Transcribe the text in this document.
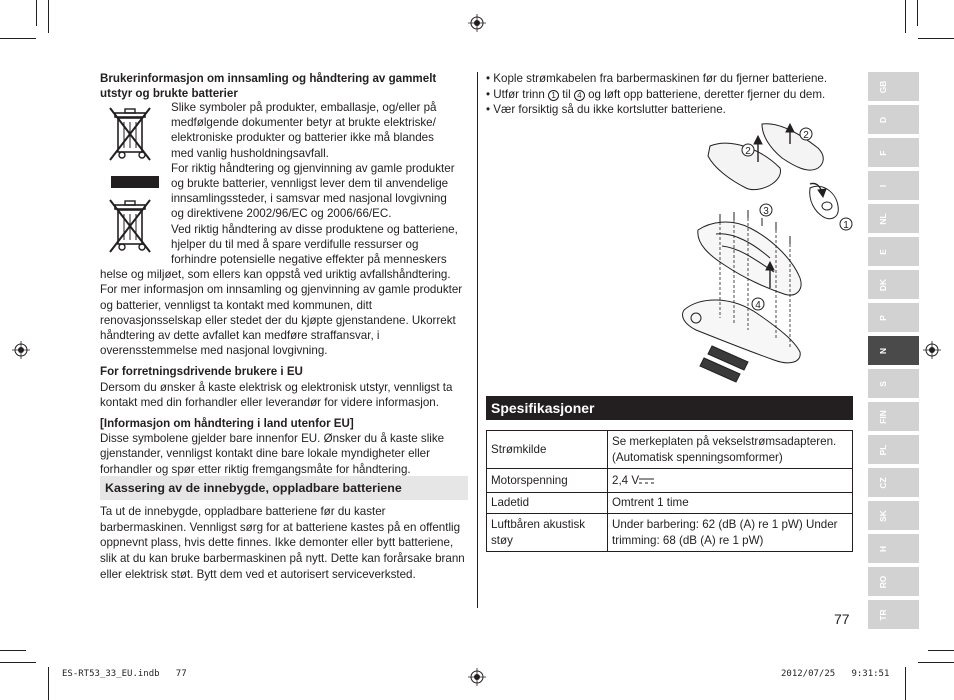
Brukerinformasjon om innsamling og håndtering av gammelt utstyr og brukte batterier
Slike symboler på produkter, emballasje, og/eller på
medfølgende dokumenter betyr at brukte elektriske/
elektroniske produkter og batterier ikke må blandes
med vanlig husholdningsavfall.
For riktig håndtering og gjenvinning av gamle produkter
og brukte batterier, vennligst lever dem til anvendelige
innsamlingssteder, i samsvar med nasjonal lovgivning
og direktivene 2002/96/EC og 2006/66/EC.
Ved riktig håndtering av disse produktene og batteriene,
hjelper du til med å spare verdifulle ressurser og
forhindre potensielle negative effekter på menneskers
helse og miljøet, som ellers kan oppstå ved uriktig avfallshåndtering. For mer informasjon om innsamling og gjenvinning av gamle produkter og batterier, vennligst ta kontakt med kommunen, ditt renovasjonsselskap eller stedet der du kjøpte gjenstandene. Ukorrekt håndtering av dette avfallet kan medføre straffansvar, i overensstemmelse med nasjonal lovgivning.
For forretningsdrivende brukere i EU
Dersom du ønsker å kaste elektrisk og elektronisk utstyr, vennligst ta kontakt med din forhandler eller leverandør for videre informasjon.
[Informasjon om håndtering i land utenfor EU]
Disse symbolene gjelder bare innenfor EU. Ønsker du å kaste slike gjenstander, vennligst kontakt dine bare lokale myndigheter eller forhandler og spør etter riktig fremgangsmåte for håndtering.
Kassering av de innebygde, oppladbare batteriene
Ta ut de innebygde, oppladbare batteriene før du kaster barbermaskinen. Vennligst sørg for at batteriene kastes på en offentlig oppnevnt plass, hvis dette finnes. Ikke demonter eller bytt batteriene, slik at du kan bruke barbermaskinen på nytt. Dette kan forårsake brann eller elektrisk støt. Bytt dem ved et autorisert serviceverksted.
• Kople strømkabelen fra barbermaskinen før du fjerner batteriene.
• Utfør trinn 1 til 4 og løft opp batteriene, deretter fjerner du dem.
• Vær forsiktig så du ikke kortslutter batteriene.
1
2
2
3
4
Spesifikasjoner
Strømkilde	Se merkeplaten på vekselstrømsadapteren. (Automatisk spenningsomformer)
Motorspenning	2,4 V
Ladetid	Omtrent 1 time
Luftbåren akustisk støy	Under barbering: 62 (dB (A) re 1 pW) Under trimming: 68 (dB (A) re 1 pW)
GB
D
F
I
NL
E
DK
P
N
S
FIN
PL
CZ
SK
H
RO
TR
77
ES-RT53_33_EU.indb   77	2012/07/25   9:31:51
